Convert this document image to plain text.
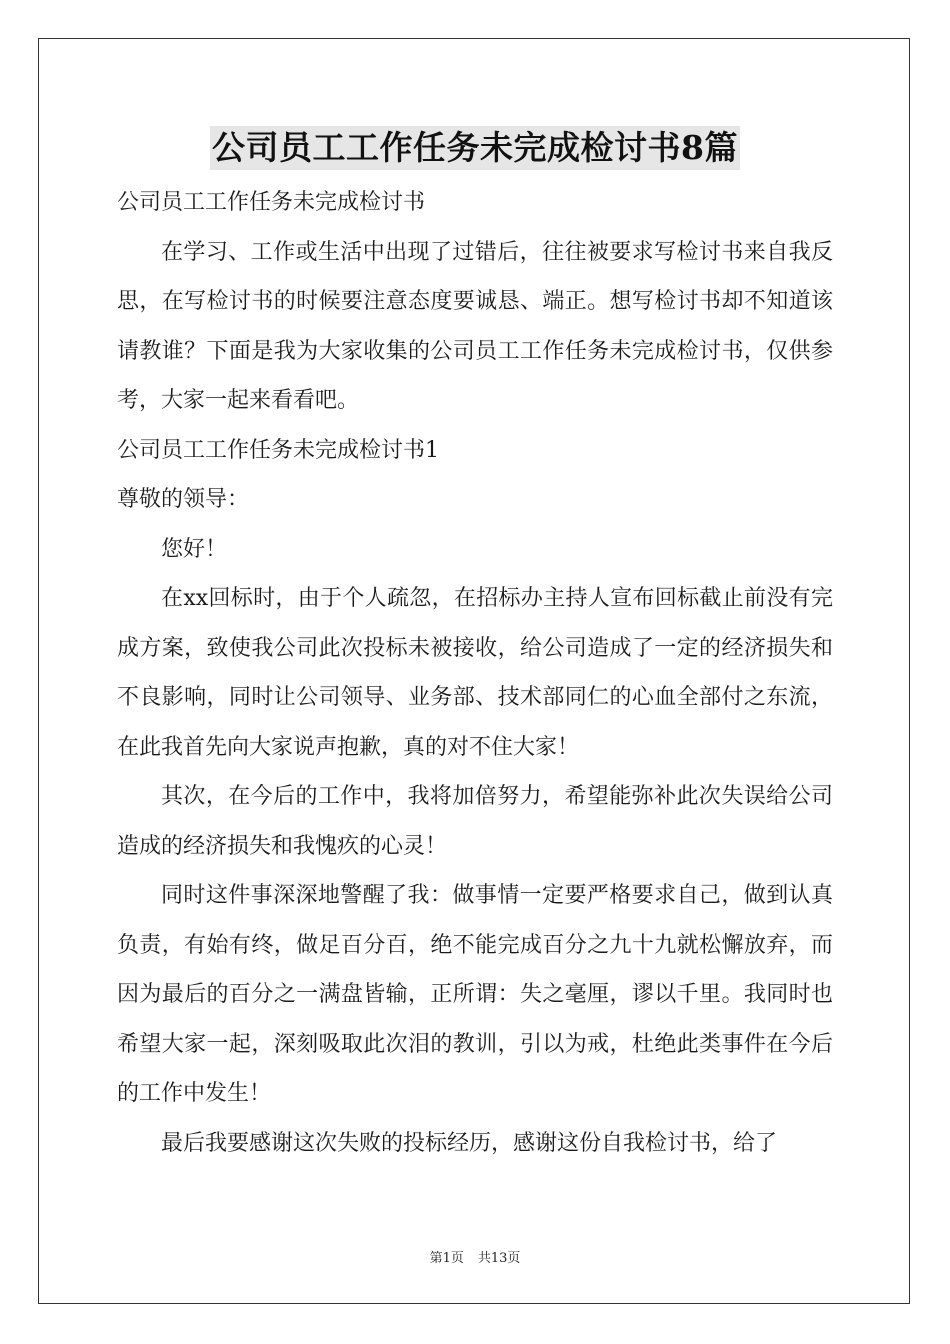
公司员工工作任务未完成检讨书8篇

公司员工工作任务未完成检讨书

在学习、工作或生活中出现了过错后，往往被要求写检讨书来自我反思，在写检讨书的时候要注意态度要诚恳、端正。想写检讨书却不知道该请教谁？下面是我为大家收集的公司员工工作任务未完成检讨书，仅供参考，大家一起来看看吧。

公司员工工作任务未完成检讨书1

尊敬的领导：

您好！

在xx回标时，由于个人疏忽，在招标办主持人宣布回标截止前没有完成方案，致使我公司此次投标未被接收，给公司造成了一定的经济损失和不良影响，同时让公司领导、业务部、技术部同仁的心血全部付之东流，在此我首先向大家说声抱歉，真的对不住大家！

其次，在今后的工作中，我将加倍努力，希望能弥补此次失误给公司造成的经济损失和我愧疚的心灵！

同时这件事深深地警醒了我：做事情一定要严格要求自己，做到认真负责，有始有终，做足百分百，绝不能完成百分之九十九就松懈放弃，而因为最后的百分之一满盘皆输，正所谓：失之毫厘，谬以千里。我同时也希望大家一起，深刻吸取此次泪的教训，引以为戒，杜绝此类事件在今后的工作中发生！

最后我要感谢这次失败的投标经历，感谢这份自我检讨书，给了

第1页 共13页
